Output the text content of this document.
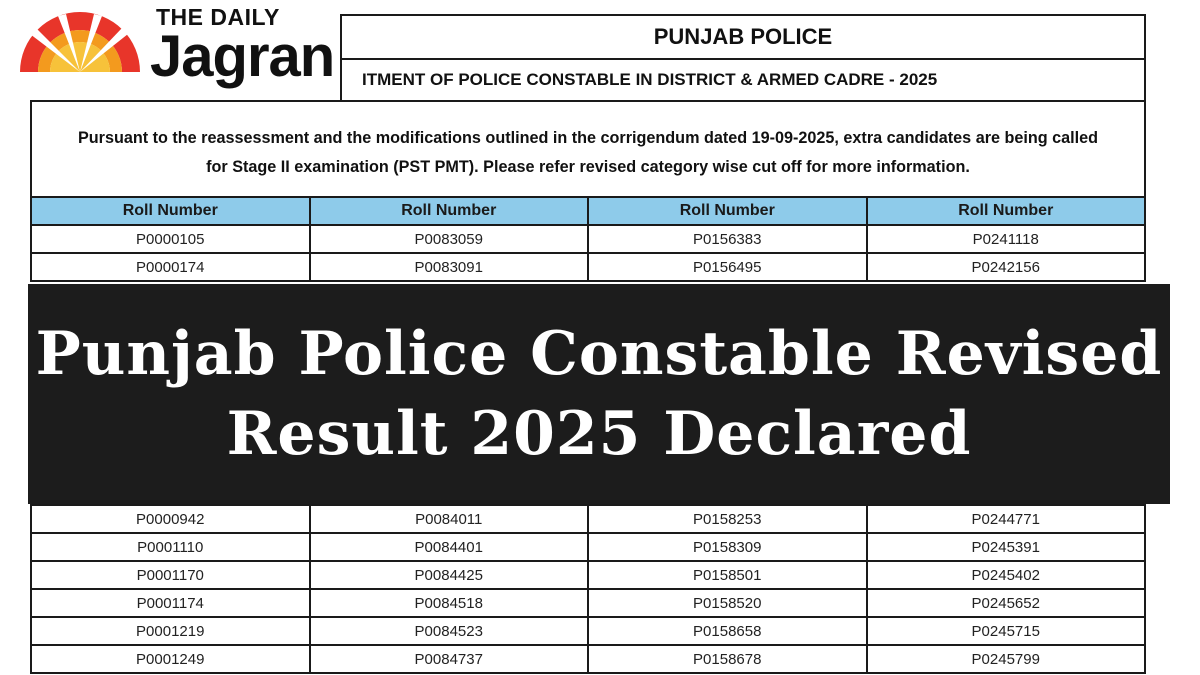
PUNJAB POLICE
ITMENT OF POLICE CONSTABLE IN DISTRICT & ARMED CADRE - 2025
Pursuant to the reassessment and the modifications outlined in the corrigendum dated 19-09-2025, extra candidates are being called
for Stage II examination (PST PMT). Please refer revised category wise cut off for more information.
Roll Number	Roll Number	Roll Number	Roll Number
P0000105	P0083059	P0156383	P0241118
P0000174	P0083091	P0156495	P0242156
P0000942	P0084011	P0158253	P0244771
P0001110	P0084401	P0158309	P0245391
P0001170	P0084425	P0158501	P0245402
P0001174	P0084518	P0158520	P0245652
P0001219	P0084523	P0158658	P0245715
P0001249	P0084737	P0158678	P0245799
THE DAILY
Jagran
Punjab Police Constable Revised
Result 2025 Declared
